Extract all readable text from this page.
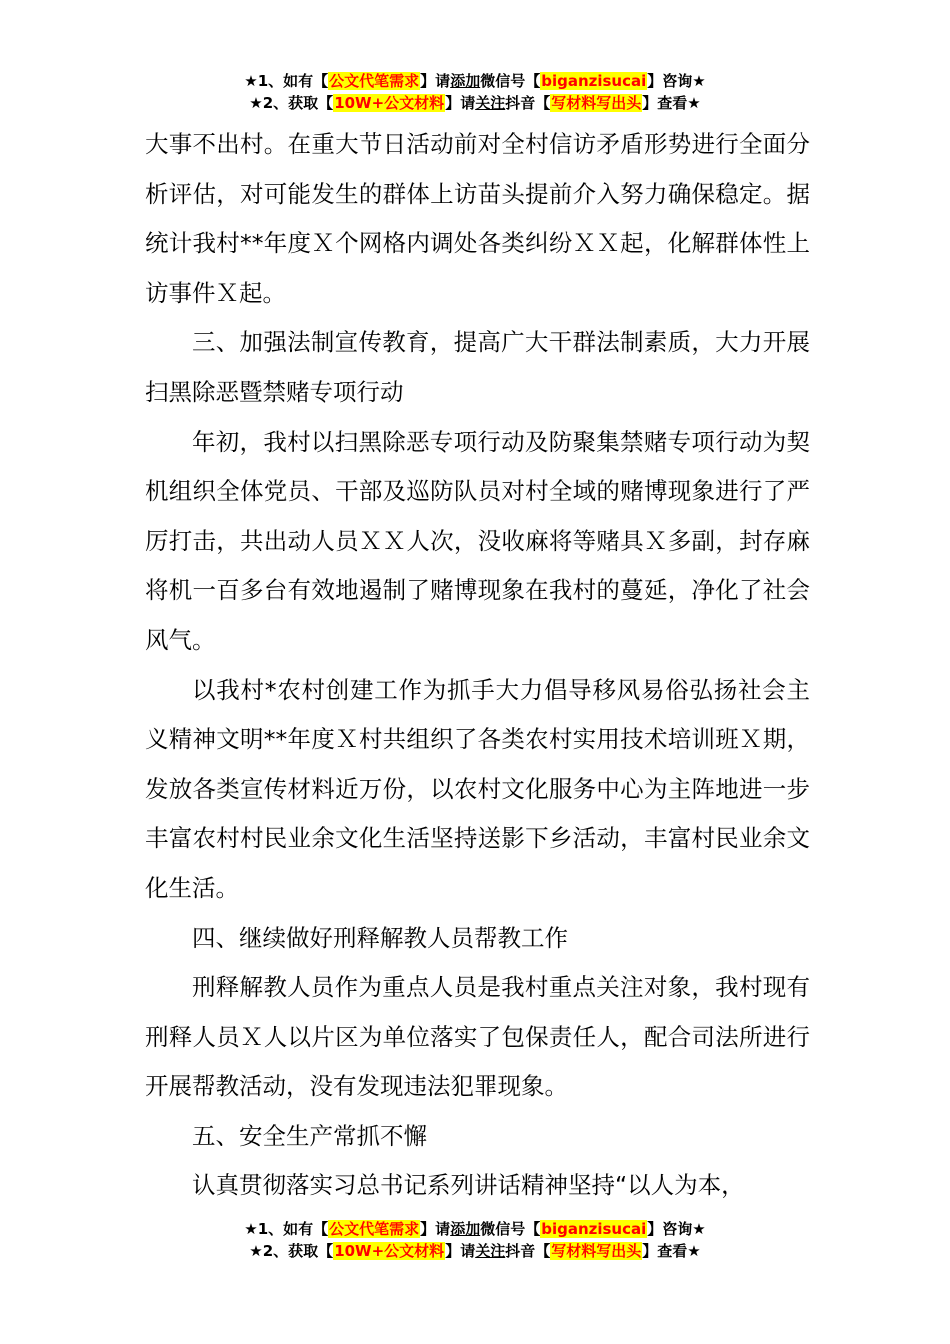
★1、如有【公文代笔需求】请添加微信号【biganzisucai】咨询★
★2、获取【10W+公文材料】请关注抖音【写材料写出头】查看★

大事不出村。在重大节日活动前对全村信访矛盾形势进行全面分析评估，对可能发生的群体上访苗头提前介入努力确保稳定。据统计我村**年度Ｘ个网格内调处各类纠纷ＸＸ起，化解群体性上访事件Ｘ起。

三、加强法制宣传教育，提高广大干群法制素质，大力开展扫黑除恶暨禁赌专项行动

年初，我村以扫黑除恶专项行动及防聚集禁赌专项行动为契机组织全体党员、干部及巡防队员对村全域的赌博现象进行了严厉打击，共出动人员ＸＸ人次，没收麻将等赌具Ｘ多副，封存麻将机一百多台有效地遏制了赌博现象在我村的蔓延，净化了社会风气。

以我村*农村创建工作为抓手大力倡导移风易俗弘扬社会主义精神文明**年度Ｘ村共组织了各类农村实用技术培训班Ｘ期，发放各类宣传材料近万份，以农村文化服务中心为主阵地进一步丰富农村村民业余文化生活坚持送影下乡活动，丰富村民业余文化生活。

四、继续做好刑释解教人员帮教工作

刑释解教人员作为重点人员是我村重点关注对象，我村现有刑释人员Ｘ人以片区为单位落实了包保责任人，配合司法所进行开展帮教活动，没有发现违法犯罪现象。

五、安全生产常抓不懈

认真贯彻落实习总书记系列讲话精神坚持“以人为本，

★1、如有【公文代笔需求】请添加微信号【biganzisucai】咨询★
★2、获取【10W+公文材料】请关注抖音【写材料写出头】查看★
